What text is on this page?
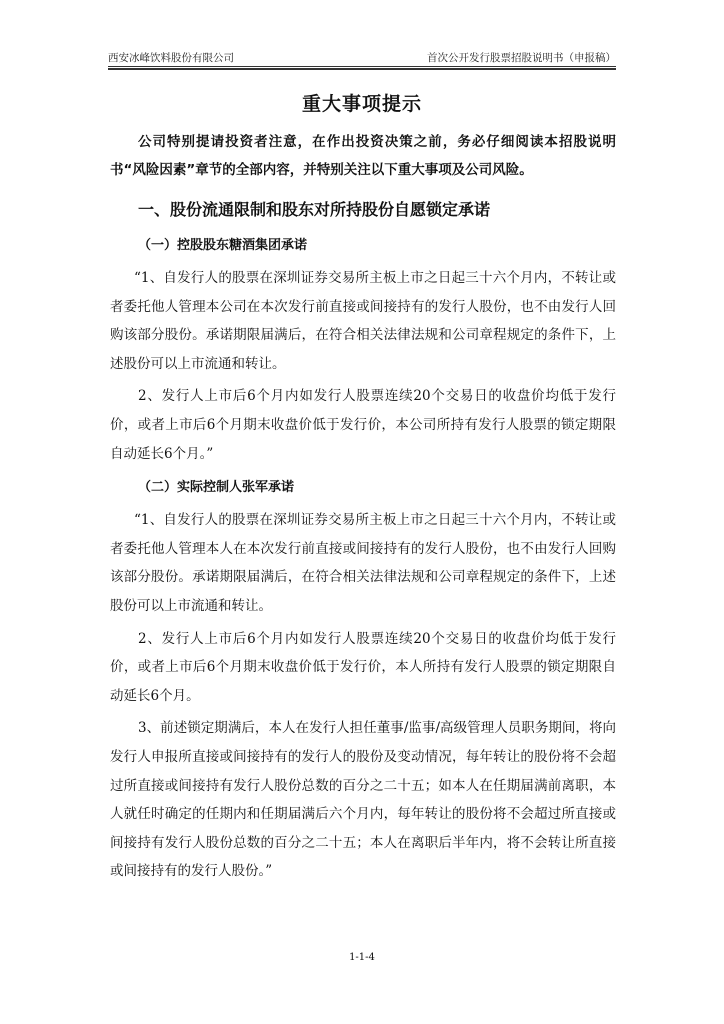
西安冰峰饮料股份有限公司	首次公开发行股票招股说明书（申报稿）
重大事项提示

公司特别提请投资者注意，在作出投资决策之前，务必仔细阅读本招股说明书“风险因素”章节的全部内容，并特别关注以下重大事项及公司风险。

一、股份流通限制和股东对所持股份自愿锁定承诺
（一）控股股东糖酒集团承诺

“1、自发行人的股票在深圳证券交易所主板上市之日起三十六个月内，不转让或者委托他人管理本公司在本次发行前直接或间接持有的发行人股份，也不由发行人回购该部分股份。承诺期限届满后，在符合相关法律法规和公司章程规定的条件下，上述股份可以上市流通和转让。

2、发行人上市后6个月内如发行人股票连续20个交易日的收盘价均低于发行价，或者上市后6个月期末收盘价低于发行价，本公司所持有发行人股票的锁定期限自动延长6个月。”

（二）实际控制人张军承诺

“1、自发行人的股票在深圳证券交易所主板上市之日起三十六个月内，不转让或者委托他人管理本人在本次发行前直接或间接持有的发行人股份，也不由发行人回购该部分股份。承诺期限届满后，在符合相关法律法规和公司章程规定的条件下，上述股份可以上市流通和转让。

2、发行人上市后6个月内如发行人股票连续20个交易日的收盘价均低于发行价，或者上市后6个月期末收盘价低于发行价，本人所持有发行人股票的锁定期限自动延长6个月。

3、前述锁定期满后，本人在发行人担任董事/监事/高级管理人员职务期间，将向发行人申报所直接或间接持有的发行人的股份及变动情况，每年转让的股份将不会超过所直接或间接持有发行人股份总数的百分之二十五；如本人在任期届满前离职，本人就任时确定的任期内和任期届满后六个月内，每年转让的股份将不会超过所直接或间接持有发行人股份总数的百分之二十五；本人在离职后半年内，将不会转让所直接或间接持有的发行人股份。”

1-1-4
